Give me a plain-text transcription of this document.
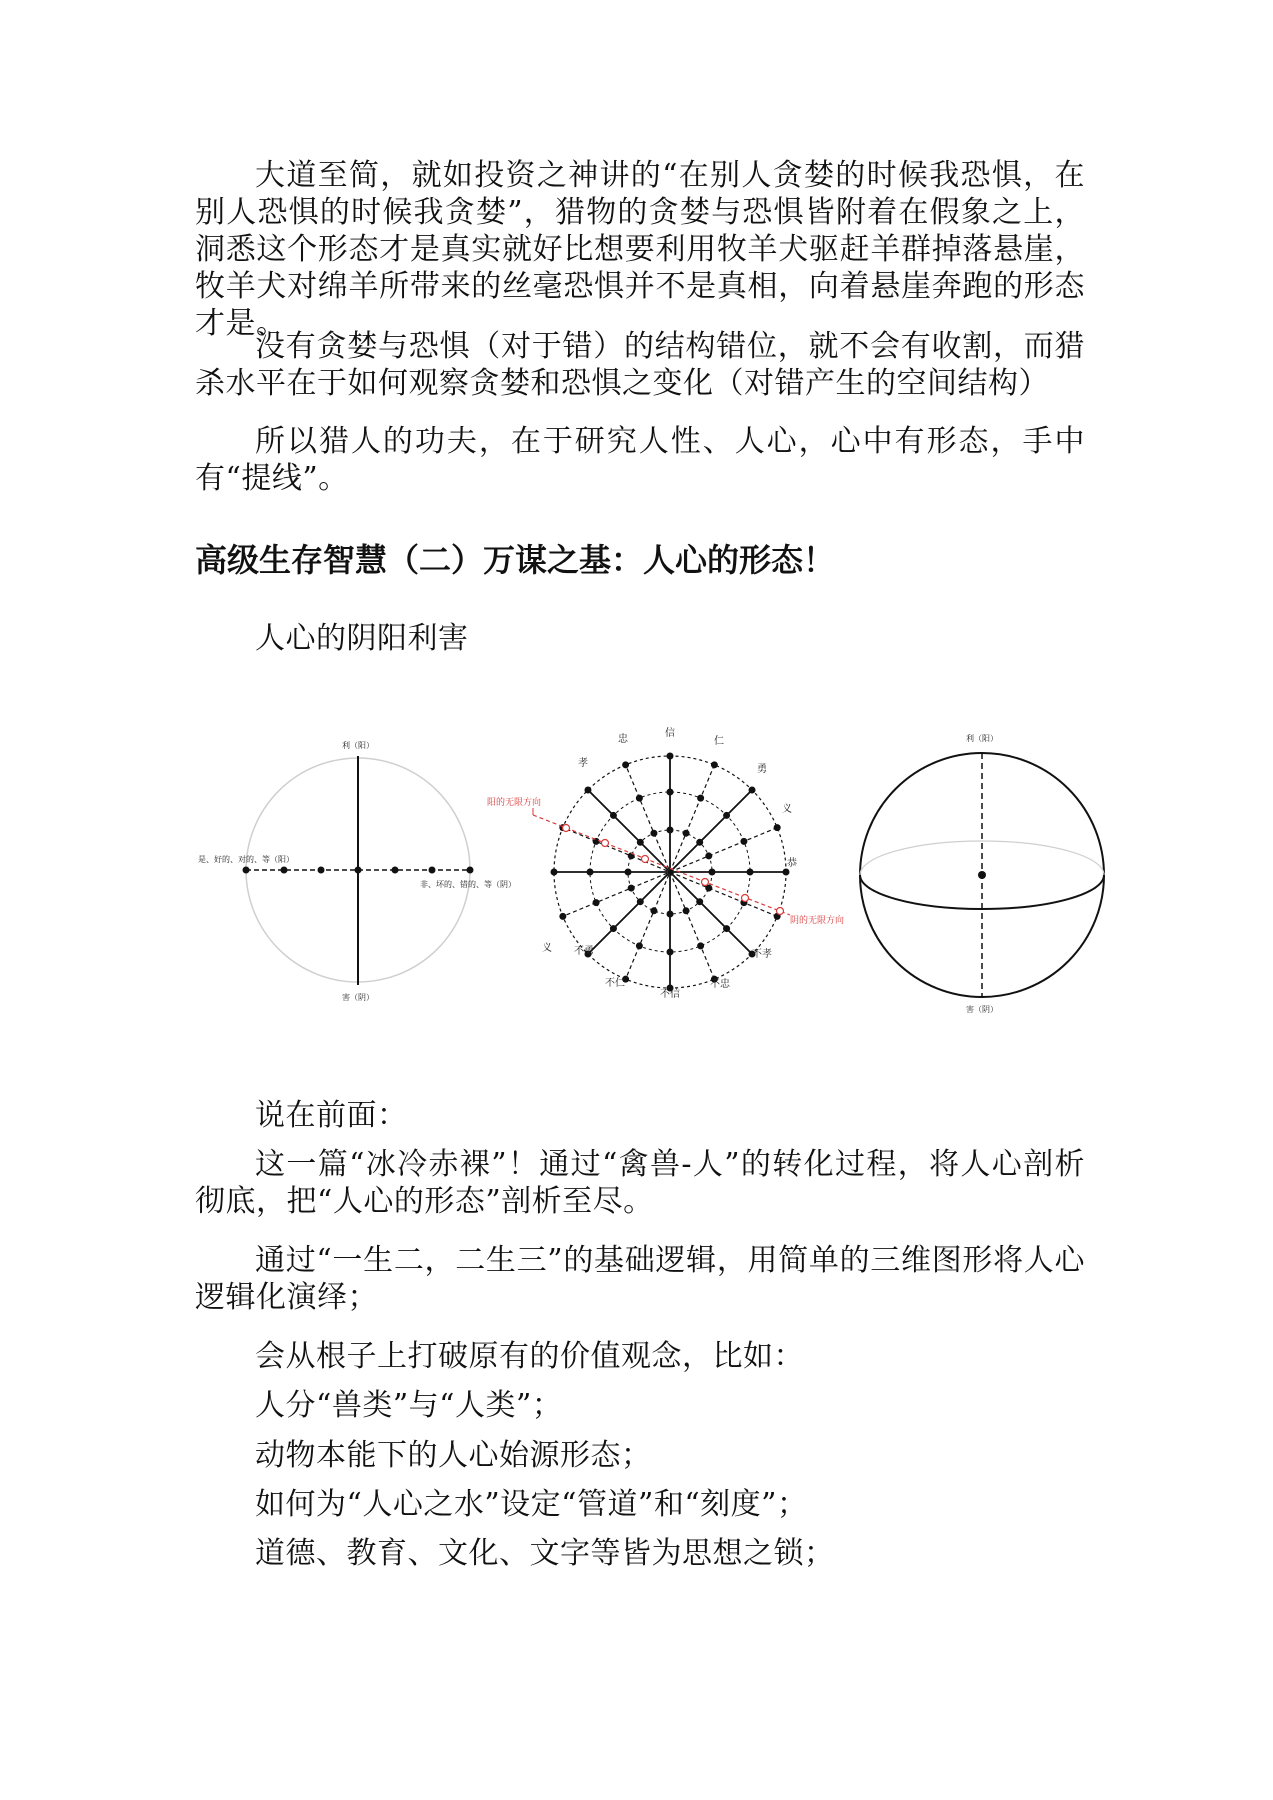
大道至简，就如投资之神讲的“在别人贪婪的时候我恐惧，在别人恐惧的时候我贪婪”，猎物的贪婪与恐惧皆附着在假象之上，洞悉这个形态才是真实就好比想要利用牧羊犬驱赶羊群掉落悬崖，牧羊犬对绵羊所带来的丝毫恐惧并不是真相，向着悬崖奔跑的形态才是。

没有贪婪与恐惧（对于错）的结构错位，就不会有收割，而猎杀水平在于如何观察贪婪和恐惧之变化（对错产生的空间结构）

所以猎人的功夫，在于研究人性、人心，心中有形态，手中有“提线”。

高级生存智慧（二）万谋之基：人心的形态！

人心的阴阳利害

利（阳）
害（阴）
是、好的、对的、等（阳）
非、坏的、错的、等（阴）
阳的无限方向
阴的无限方向
忠
信
仁
孝
义
勇
恭
义 不勇	不孝
不仁
不信
不忠
利（阳）
害（阴）

说在前面：

这一篇“冰冷赤裸”！通过“禽兽-人”的转化过程，将人心剖析彻底，把“人心的形态”剖析至尽。

通过“一生二，二生三”的基础逻辑，用简单的三维图形将人心逻辑化演绎；

会从根子上打破原有的价值观念，比如：

人分“兽类”与“人类”；

动物本能下的人心始源形态；

如何为“人心之水”设定“管道”和“刻度”；

道德、教育、文化、文字等皆为思想之锁；
